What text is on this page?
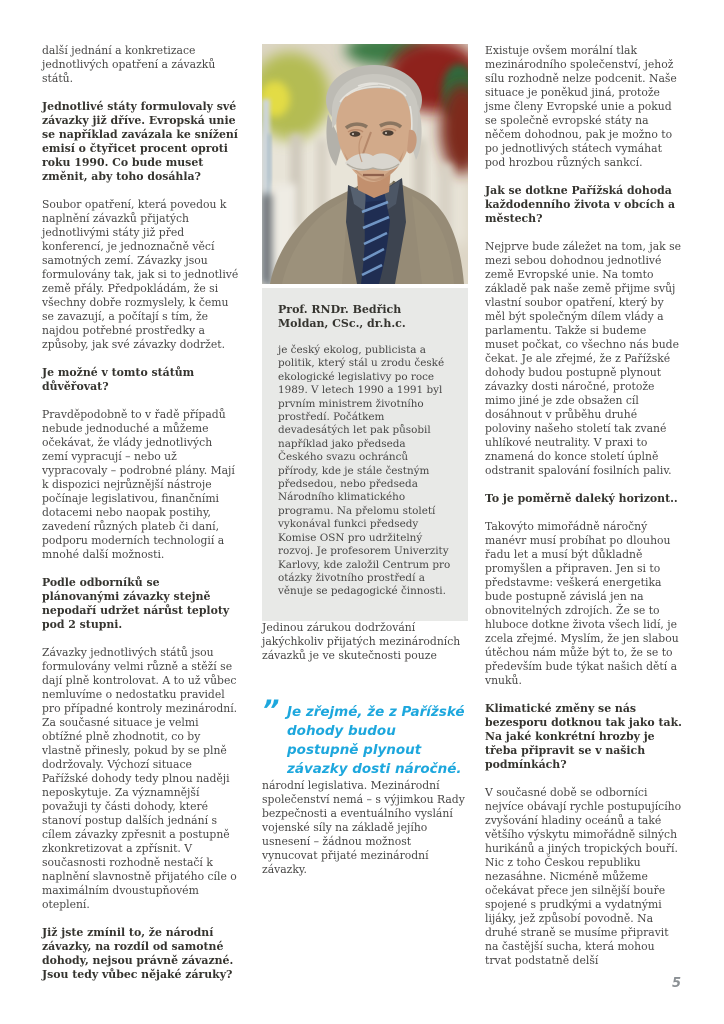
další jednání a konkretizace jednotlivých opatření a závazků států.

Jednotlivé státy formulovaly své závazky již dříve. Evropská unie se například zavázala ke snížení emisí o čtyřicet procent oproti roku 1990. Co bude muset změnit, aby toho dosáhla?

Soubor opatření, která povedou k naplnění závazků přijatých jednotlivými státy již před konferencí, je jednoznačně věcí samotných zemí. Závazky jsou formulovány tak, jak si to jednotlivé země přály. Předpokládám, že si všechny dobře rozmyslely, k čemu se zavazují, a počítají s tím, že najdou potřebné prostředky a způsoby, jak své závazky dodržet.

Je možné v tomto státům důvěřovat?

Pravděpodobně to v řadě případů nebude jednoduché a můžeme očekávat, že vlády jednotlivých zemí vypracují – nebo už vypracovaly – podrobné plány. Mají k dispozici nejrůznější nástroje počínaje legislativou, finančními dotacemi nebo naopak postihy, zavedení různých plateb či daní, podporu moderních technologií a mnohé další možnosti.

Podle odborníků se plánovanými závazky stejně nepodaří udržet nárůst teploty pod 2 stupni.

Závazky jednotlivých států jsou formulovány velmi různě a stěží se dají plně kontrolovat. A to už vůbec nemluvíme o nedostatku pravidel pro případné kontroly mezinárodní. Za současné situace je velmi obtížné plně zhodnotit, co by vlastně přinesly, pokud by se plně dodržovaly. Výchozí situace Pařížské dohody tedy plnou naději neposkytuje. Za významnější považuji ty části dohody, které stanoví postup dalších jednání s cílem závazky zpřesnit a postupně zkonkretizovat a zpřísnit. V současnosti rozhodně nestačí k naplnění slavnostně přijatého cíle o maximálním dvoustupňovém oteplení.

Již jste zmínil to, že národní závazky, na rozdíl od samotné dohody, nejsou právně závazné. Jsou tedy vůbec nějaké záruky?

Prof. RNDr. Bedřich Moldan, CSc., dr.h.c.

je český ekolog, publicista a politik, který stál u zrodu české ekologické legislativy po roce 1989. V letech 1990 a 1991 byl prvním ministrem životního prostředí. Počátkem devadesátých let pak působil například jako předseda Českého svazu ochránců přírody, kde je stále čestným předsedou, nebo předseda Národního klimatického programu. Na přelomu století vykonával funkci předsedy Komise OSN pro udržitelný rozvoj. Je profesorem Univerzity Karlovy, kde založil Centrum pro otázky životního prostředí a věnuje se pedagogické činnosti.

Jedinou zárukou dodržování jakýchkoliv přijatých mezinárodních závazků je ve skutečnosti pouze

” Je zřejmé, že z Pařížské dohody budou postupně plynout závazky dosti náročné.

národní legislativa. Mezinárodní společenství nemá – s výjimkou Rady bezpečnosti a eventuálního vyslání vojenské síly na základě jejího usnesení – žádnou možnost vynucovat přijaté mezinárodní závazky.

Existuje ovšem morální tlak mezinárodního společenství, jehož sílu rozhodně nelze podcenit. Naše situace je poněkud jiná, protože jsme členy Evropské unie a pokud se společně evropské státy na něčem dohodnou, pak je možno to po jednotlivých státech vymáhat pod hrozbou různých sankcí.

Jak se dotkne Pařížská dohoda každodenního života v obcích a městech?

Nejprve bude záležet na tom, jak se mezi sebou dohodnou jednotlivé země Evropské unie. Na tomto základě pak naše země přijme svůj vlastní soubor opatření, který by měl být společným dílem vlády a parlamentu. Takže si budeme muset počkat, co všechno nás bude čekat. Je ale zřejmé, že z Pařížské dohody budou postupně plynout závazky dosti náročné, protože mimo jiné je zde obsažen cíl dosáhnout v průběhu druhé poloviny našeho století tak zvané uhlíkové neutrality. V praxi to znamená do konce století úplně odstranit spalování fosilních paliv.

To je poměrně daleký horizont..

Takovýto mimořádně náročný manévr musí probíhat po dlouhou řadu let a musí být důkladně promyšlen a připraven. Jen si to představme: veškerá energetika bude postupně závislá jen na obnovitelných zdrojích. Že se to hluboce dotkne života všech lidí, je zcela zřejmé. Myslím, že jen slabou útěchou nám může být to, že se to především bude týkat našich dětí a vnuků.

Klimatické změny se nás bezesporu dotknou tak jako tak. Na jaké konkrétní hrozby je třeba připravit se v našich podmínkách?

V současné době se odborníci nejvíce obávají rychle postupujícího zvyšování hladiny oceánů a také většího výskytu mimořádně silných hurikánů a jiných tropických bouří. Nic z toho Českou republiku nezasáhne. Nicméně můžeme očekávat přece jen silnější bouře spojené s prudkými a vydatnými lijáky, jež způsobí povodně. Na druhé straně se musíme připravit na častější sucha, která mohou trvat podstatně delší

5
